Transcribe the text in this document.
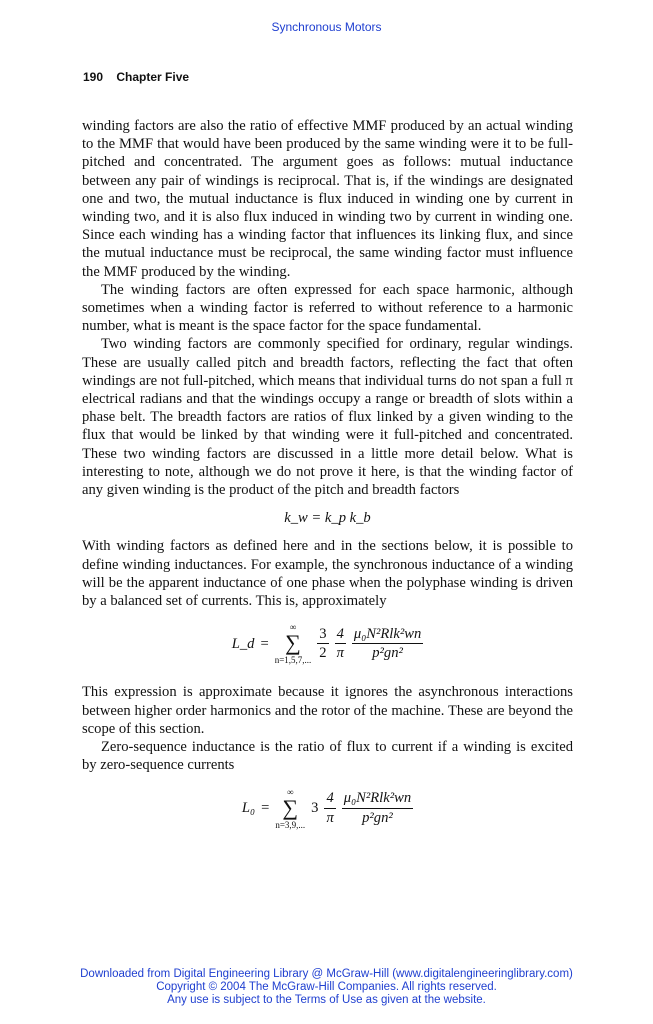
Synchronous Motors
190 Chapter Five

winding factors are also the ratio of effective MMF produced by an actual winding to the MMF that would have been produced by the same winding were it to be full-pitched and concentrated. The argument goes as follows: mutual inductance between any pair of windings is reciprocal. That is, if the windings are designated one and two, the mutual inductance is flux induced in winding one by current in winding two, and it is also flux induced in winding two by current in winding one. Since each winding has a winding factor that influences its linking flux, and since the mutual inductance must be reciprocal, the same winding factor must influence the MMF produced by the winding.

The winding factors are often expressed for each space harmonic, although sometimes when a winding factor is referred to without reference to a harmonic number, what is meant is the space factor for the space fundamental.

Two winding factors are commonly specified for ordinary, regular windings. These are usually called pitch and breadth factors, reflecting the fact that often windings are not full-pitched, which means that individual turns do not span a full π electrical radians and that the windings occupy a range or breadth of slots within a phase belt. The breadth factors are ratios of flux linked by a given winding to the flux that would be linked by that winding were it full-pitched and concentrated. These two winding factors are discussed in a little more detail below. What is interesting to note, although we do not prove it here, is that the winding factor of any given winding is the product of the pitch and breadth factors

k_w = k_p k_b

With winding factors as defined here and in the sections below, it is possible to define winding inductances. For example, the synchronous inductance of a winding will be the apparent inductance of one phase when the polyphase winding is driven by a balanced set of currents. This is, approximately

L_d =
∞
∑
n=1,5,7,... $\frac{3}{2} \frac{4}{\pi} \frac{\text{μ₀N²Rlk²wn}}{\text{p²gn²}}$

This expression is approximate because it ignores the asynchronous interactions between higher order harmonics and the rotor of the machine. These are beyond the scope of this section.

Zero-sequence inductance is the ratio of flux to current if a winding is excited by zero-sequence currents

L₀ =
∞
∑
n=3,9,...
$3 \frac{4}{\pi} \frac{\text{μ₀N²Rlk²wn}}{\text{p²gn²}}$
Downloaded from Digital Engineering Library @ McGraw-Hill (www.digitalengineeringlibrary.com)
Copyright © 2004 The McGraw-Hill Companies. All rights reserved.
Any use is subject to the Terms of Use as given at the website.
